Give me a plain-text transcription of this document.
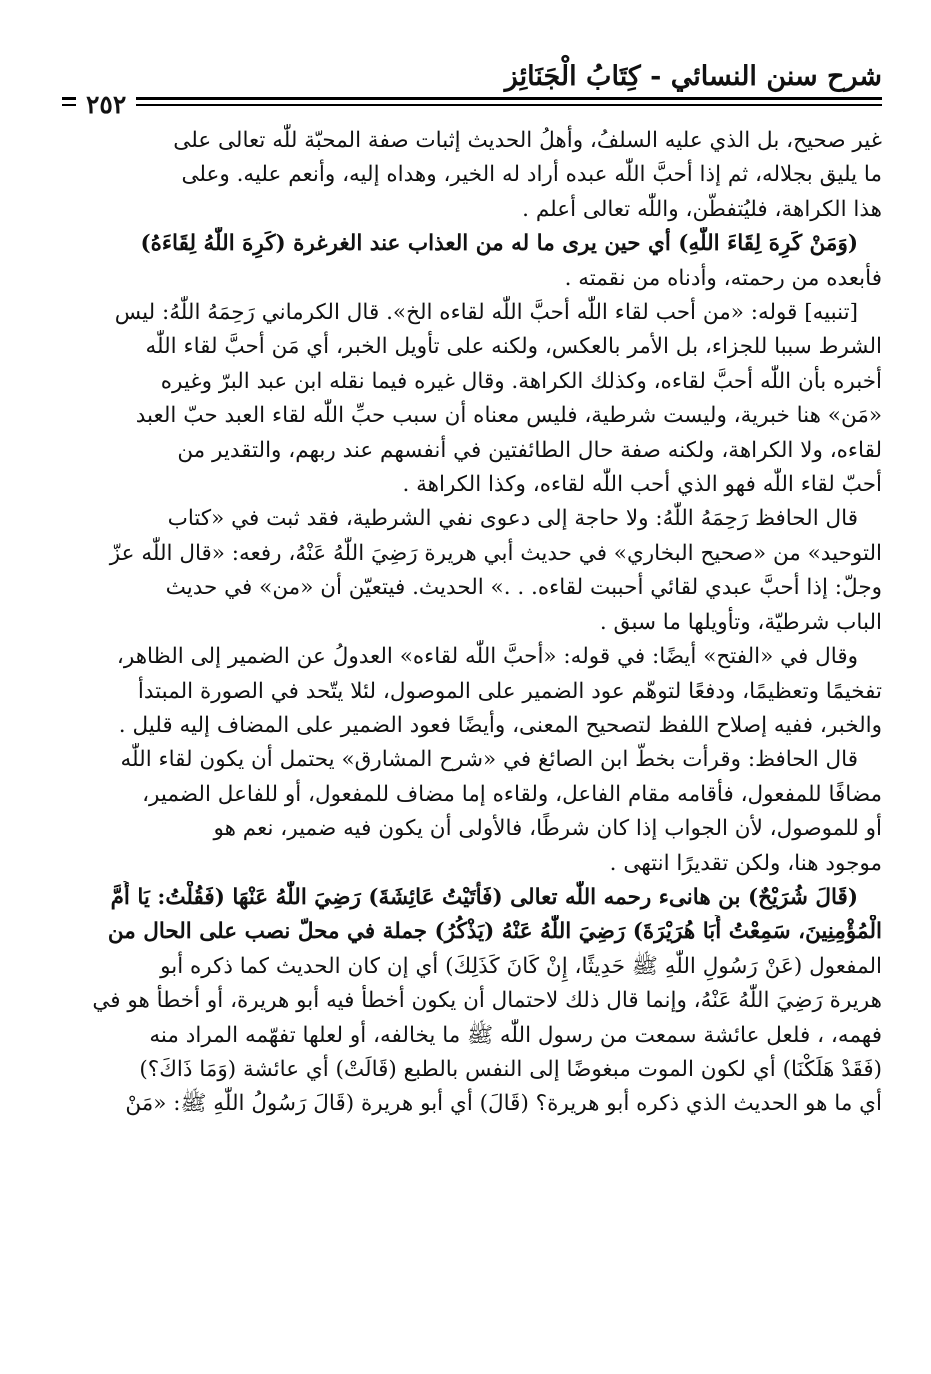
شرح سنن النسائي - كِتَابُ الْجَنَائِز
٢٥٢

غير صحيح، بل الذي عليه السلفُ، وأهلُ الحديث إثبات صفة المحبّة للّٰه تعالى على
ما يليق بجلاله، ثم إذا أحبَّ اللّٰه عبده أراد له الخير، وهداه إليه، وأنعم عليه. وعلى
هذا الكراهة، فليُتفطَّن، واللّٰه تعالى أعلم .

(وَمَنْ كَرِهَ لِقَاءَ اللّٰهِ) أي حين يرى ما له من العذاب عند الغرغرة (كَرِهَ اللّٰهُ لِقَاءَهُ)
فأبعده من رحمته، وأدناه من نقمته .

[تنبيه] قوله: «من أحب لقاء اللّٰه أحبَّ اللّٰه لقاءه الخ». قال الكرماني رَحِمَهُ اللّٰهُ: ليس
الشرط سببا للجزاء، بل الأمر بالعكس، ولكنه على تأويل الخبر، أي مَن أحبَّ لقاء اللّٰه
أخبره بأن اللّٰه أحبَّ لقاءه، وكذلك الكراهة. وقال غيره فيما نقله ابن عبد البرّ وغيره
«مَن» هنا خبرية، وليست شرطية، فليس معناه أن سبب حبِّ اللّٰه لقاء العبد حبّ العبد
لقاءه، ولا الكراهة، ولكنه صفة حال الطائفتين في أنفسهم عند ربهم، والتقدير من
أحبّ لقاء اللّٰه فهو الذي أحب اللّٰه لقاءه، وكذا الكراهة .

قال الحافظ رَحِمَهُ اللّٰهُ: ولا حاجة إلى دعوى نفي الشرطية، فقد ثبت في «كتاب
التوحيد» من «صحيح البخاري» في حديث أبي هريرة رَضِيَ اللّٰهُ عَنْهُ، رفعه: «قال اللّٰه عزّ
وجلّ: إذا أحبَّ عبدي لقائي أحببت لقاءه. . .» الحديث. فيتعيّن أن «من» في حديث
الباب شرطيّة، وتأويلها ما سبق .

وقال في «الفتح» أيضًا: في قوله: «أحبَّ اللّٰه لقاءه» العدولُ عن الضمير إلى الظاهر،
تفخيمًا وتعظيمًا، ودفعًا لتوهّم عود الضمير على الموصول، لئلا يتّحد في الصورة المبتدأ
والخبر، ففيه إصلاح اللفظ لتصحيح المعنى، وأيضًا فعود الضمير على المضاف إليه قليل .

قال الحافظ: وقرأت بخطّ ابن الصائغ في «شرح المشارق» يحتمل أن يكون لقاء اللّٰه
مضافًا للمفعول، فأقامه مقام الفاعل، ولقاءه إما مضاف للمفعول، أو للفاعل الضمير،
أو للموصول، لأن الجواب إذا كان شرطًا، فالأولى أن يكون فيه ضمير، نعم هو
موجود هنا، ولكن تقديرًا انتهى .

(قَالَ شُرَيْحٌ) بن هانىء رحمه اللّٰه تعالى (فَأَتَيْتُ عَائِشَةَ) رَضِيَ اللّٰهُ عَنْهَا (فَقُلْتُ: يَا أُمَّ
الْمُؤْمِنِينَ، سَمِعْتُ أَبَا هُرَيْرَةَ) رَضِيَ اللّٰهُ عَنْهُ (يَذْكُرُ) جملة في محلّ نصب على الحال من
المفعول (عَنْ رَسُولِ اللّٰهِ ﷺ حَدِيثًا، إِنْ كَانَ كَذَلِكَ) أي إن كان الحديث كما ذكره أبو
هريرة رَضِيَ اللّٰهُ عَنْهُ، وإنما قال ذلك لاحتمال أن يكون أخطأ فيه أبو هريرة، أو أخطأ هو في
فهمه، ، فلعل عائشة سمعت من رسول اللّٰه ﷺ ما يخالفه، أو لعلها تفهّمه المراد منه
(فَقَدْ هَلَكْنَا) أي لكون الموت مبغوضًا إلى النفس بالطبع (قَالَتْ) أي عائشة (وَمَا ذَاكَ؟)
أي ما هو الحديث الذي ذكره أبو هريرة؟ (قَالَ) أي أبو هريرة (قَالَ رَسُولُ اللّٰهِ ﷺ: «مَنْ
